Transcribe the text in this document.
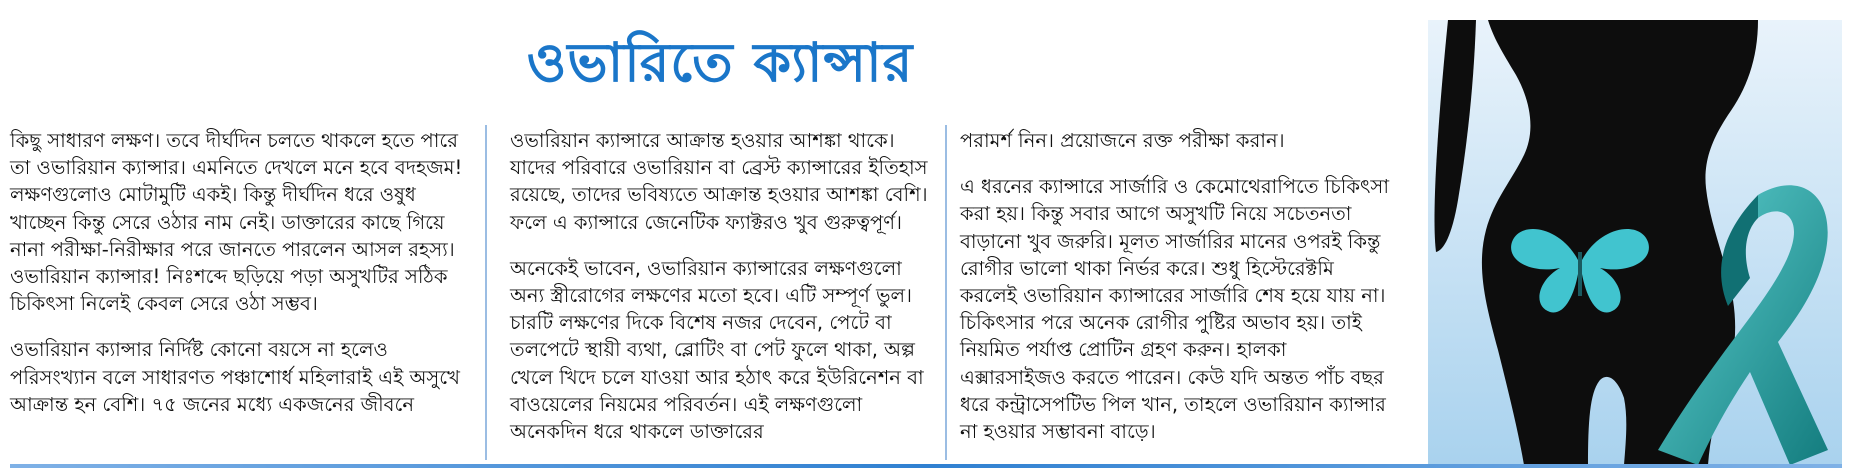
ওভারিতে ক্যান্সার

কিছু সাধারণ লক্ষণ। তবে দীর্ঘদিন চলতে থাকলে হতে পারে তা ওভারিয়ান ক্যান্সার। এমনিতে দেখলে মনে হবে বদহজম! লক্ষণগুলোও মোটামুটি একই। কিন্তু দীর্ঘদিন ধরে ওষুধ খাচ্ছেন কিন্তু সেরে ওঠার নাম নেই। ডাক্তারের কাছে গিয়ে নানা পরীক্ষা-নিরীক্ষার পরে জানতে পারলেন আসল রহস্য। ওভারিয়ান ক্যান্সার! নিঃশব্দে ছড়িয়ে পড়া অসুখটির সঠিক চিকিৎসা নিলেই কেবল সেরে ওঠা সম্ভব।

ওভারিয়ান ক্যান্সার নির্দিষ্ট কোনো বয়সে না হলেও পরিসংখ্যান বলে সাধারণত পঞ্চাশোর্ধ মহিলারাই এই অসুখে আক্রান্ত হন বেশি। ৭৫ জনের মধ্যে একজনের জীবনে

ওভারিয়ান ক্যান্সারে আক্রান্ত হওয়ার আশঙ্কা থাকে। যাদের পরিবারে ওভারিয়ান বা ব্রেস্ট ক্যান্সারের ইতিহাস রয়েছে, তাদের ভবিষ্যতে আক্রান্ত হওয়ার আশঙ্কা বেশি। ফলে এ ক্যান্সারে জেনেটিক ফ্যাক্টরও খুব গুরুত্বপূর্ণ।

অনেকেই ভাবেন, ওভারিয়ান ক্যান্সারের লক্ষণগুলো অন্য স্ত্রীরোগের লক্ষণের মতো হবে। এটি সম্পূর্ণ ভুল। চারটি লক্ষণের দিকে বিশেষ নজর দেবেন, পেটে বা তলপেটে স্থায়ী ব্যথা, ব্লোটিং বা পেট ফুলে থাকা, অল্প খেলে খিদে চলে যাওয়া আর হঠাৎ করে ইউরিনেশন বা বাওয়েলের নিয়মের পরিবর্তন। এই লক্ষণগুলো অনেকদিন ধরে থাকলে ডাক্তারের

পরামর্শ নিন। প্রয়োজনে রক্ত পরীক্ষা করান।

এ ধরনের ক্যান্সারে সার্জারি ও কেমোথেরাপিতে চিকিৎসা করা হয়। কিন্তু সবার আগে অসুখটি নিয়ে সচেতনতা বাড়ানো খুব জরুরি। মূলত সার্জারির মানের ওপরই কিন্তু রোগীর ভালো থাকা নির্ভর করে। শুধু হিস্টেরেক্টমি করলেই ওভারিয়ান ক্যান্সারের সার্জারি শেষ হয়ে যায় না। চিকিৎসার পরে অনেক রোগীর পুষ্টির অভাব হয়। তাই নিয়মিত পর্যাপ্ত প্রোটিন গ্রহণ করুন। হালকা এক্সারসাইজও করতে পারেন। কেউ যদি অন্তত পাঁচ বছর ধরে কন্ট্রাসেপটিভ পিল খান, তাহলে ওভারিয়ান ক্যান্সার না হওয়ার সম্ভাবনা বাড়ে।
